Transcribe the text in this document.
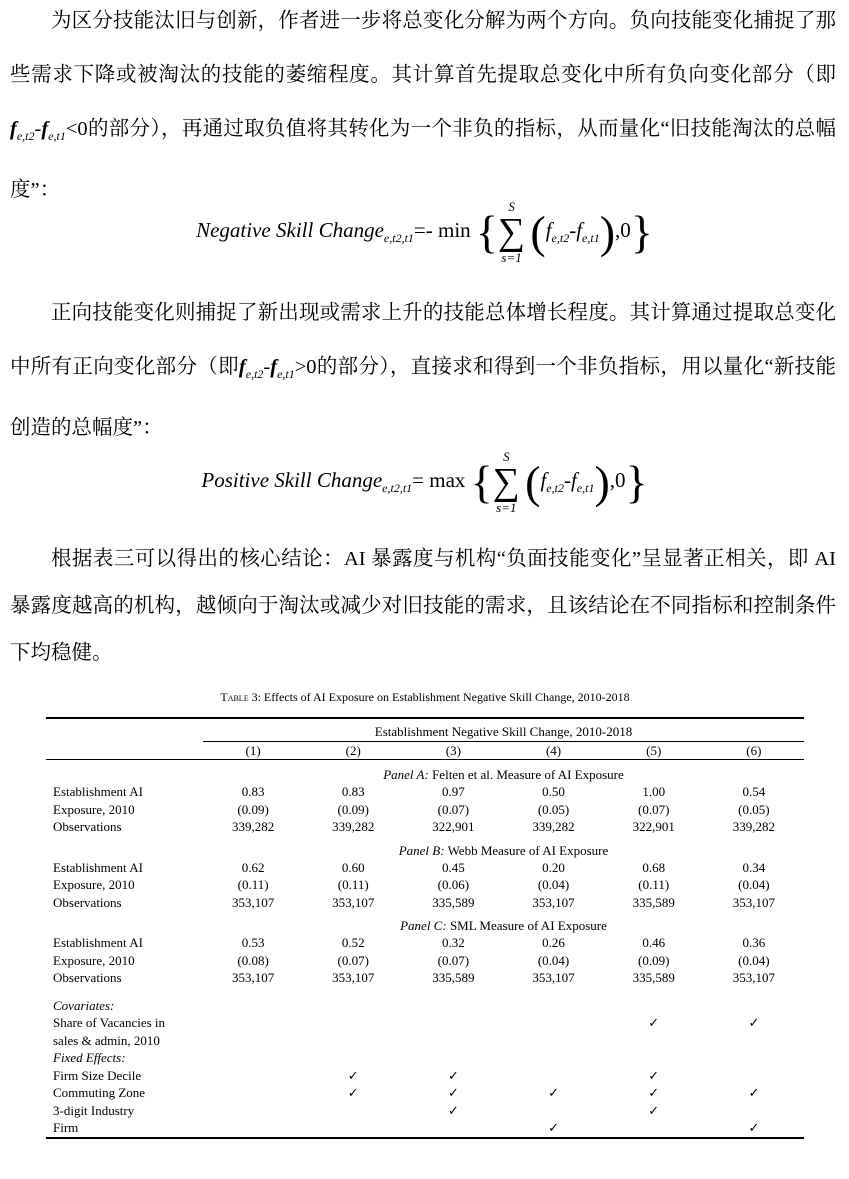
为区分技能汰旧与创新，作者进一步将总变化分解为两个方向。负向技能变化捕捉了那些需求下降或被淘汰的技能的萎缩程度。其计算首先提取总变化中所有负向变化部分（即$f_{e,t2}-f_{e,t1}<0$的部分），再通过取负值将其转化为一个非负的指标，从而量化“旧技能淘汰的总幅度”：
Negative Skill Change$_{e,t2,t1}$=- min { S
∑
s=1 $(f_{e,t2}-f_{e,t1}),0$}
正向技能变化则捕捉了新出现或需求上升的技能总体增长程度。其计算通过提取总变化中所有正向变化部分（即$f_{e,t2}-f_{e,t1}>0$的部分），直接求和得到一个非负指标，用以量化“新技能创造的总幅度”：
Positive Skill Change$_{e,t2,t1}$= max { S
∑
s=1 $(f_{e,t2}-f_{e,t1}),0$}
根据表三可以得出的核心结论：AI 暴露度与机构“负面技能变化”呈显著正相关，即 AI 暴露度越高的机构，越倾向于淘汰或减少对旧技能的需求，且该结论在不同指标和控制条件下均稳健。
Table 3: Effects of AI Exposure on Establishment Negative Skill Change, 2010-2018
	Establishment Negative Skill Change, 2010-2018					
	(1)	(2)	(3)	(4)	(5)	(6)
	Panel A: Felten et al. Measure of AI Exposure					
Establishment AI	0.83	0.83	0.97	0.50	1.00	0.54
Exposure, 2010	(0.09)	(0.09)	(0.07)	(0.05)	(0.07)	(0.05)
Observations	339,282	339,282	322,901	339,282	322,901	339,282
	Panel B: Webb Measure of AI Exposure					
Establishment AI	0.62	0.60	0.45	0.20	0.68	0.34
Exposure, 2010	(0.11)	(0.11)	(0.06)	(0.04)	(0.11)	(0.04)
Observations	353,107	353,107	335,589	353,107	335,589	353,107
	Panel C: SML Measure of AI Exposure					
Establishment AI	0.53	0.52	0.32	0.26	0.46	0.36
Exposure, 2010	(0.08)	(0.07)	(0.07)	(0.04)	(0.09)	(0.04)
Observations	353,107	353,107	335,589	353,107	335,589	353,107

Covariates:						
Share of Vacancies in					✓	✓
sales & admin, 2010						
Fixed Effects:						
Firm Size Decile		✓	✓		✓	
Commuting Zone		✓	✓	✓	✓	✓
3-digit Industry			✓		✓	
Firm				✓		✓
